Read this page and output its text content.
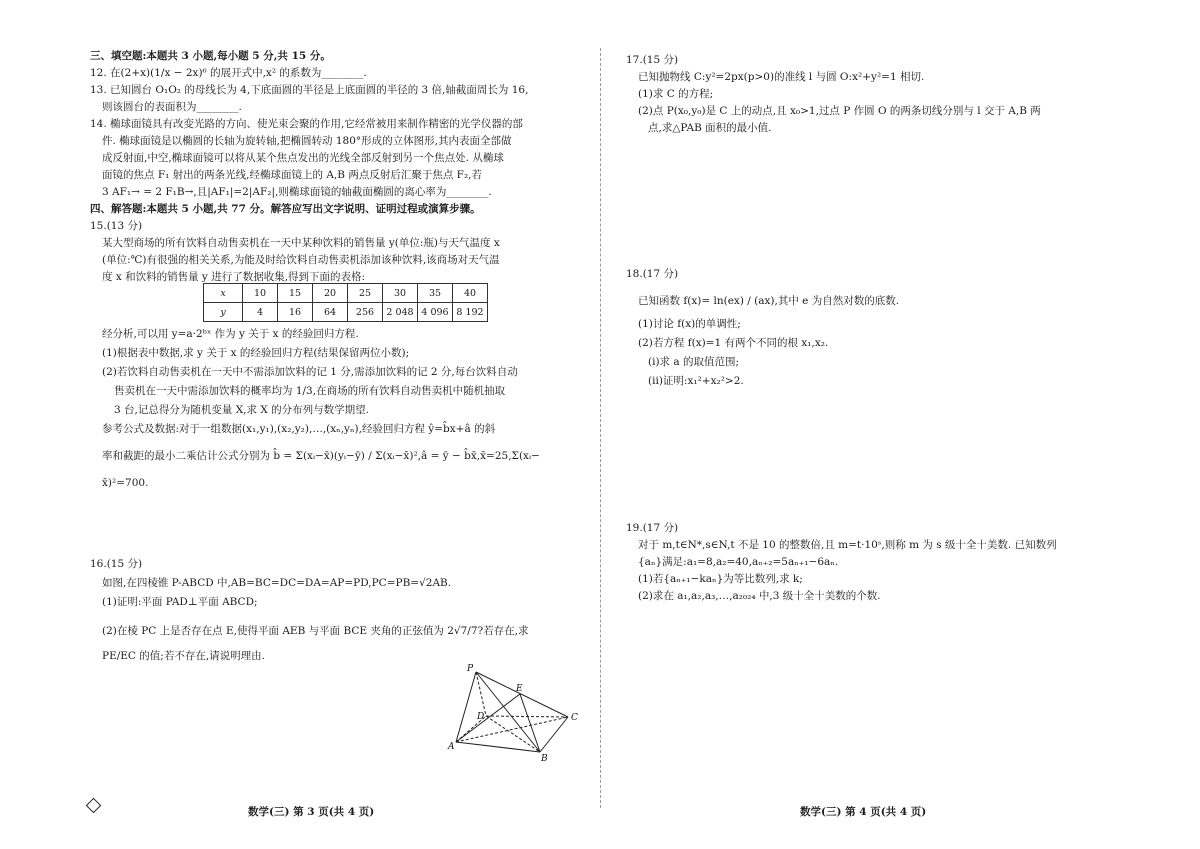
三、填空题:本题共 3 小题,每小题 5 分,共 15 分。
12. 在(2+x)(1/x − 2x)⁶ 的展开式中,x² 的系数为________.
13. 已知圆台 O₁O₂ 的母线长为 4,下底面圆的半径是上底面圆的半径的 3 倍,轴截面周长为 16,
则该圆台的表面积为________.
14. 椭球面镜具有改变光路的方向、使光束会聚的作用,它经常被用来制作精密的光学仪器的部
件. 椭球面镜是以椭圆的长轴为旋转轴,把椭圆转动 180°形成的立体图形,其内表面全部做
成反射面,中空,椭球面镜可以将从某个焦点发出的光线全部反射到另一个焦点处. 从椭球
面镜的焦点 F₁ 射出的两条光线,经椭球面镜上的 A,B 两点反射后汇聚于焦点 F₂,若
3 AF₁→ = 2 F₁B→,且|AF₁|=2|AF₂|,则椭球面镜的轴截面椭圆的离心率为________.
四、解答题:本题共 5 小题,共 77 分。解答应写出文字说明、证明过程或演算步骤。
15.(13 分)
某大型商场的所有饮料自动售卖机在一天中某种饮料的销售量 y(单位:瓶)与天气温度 x
(单位:℃)有很强的相关关系,为能及时给饮料自动售卖机添加该种饮料,该商场对天气温
度 x 和饮料的销售量 y 进行了数据收集,得到下面的表格:
x	10	15	20	25	30	35	40
y	4	16	64	256	2 048	4 096	8 192
经分析,可以用 y=a·2ᵇˣ 作为 y 关于 x 的经验回归方程.
(1)根据表中数据,求 y 关于 x 的经验回归方程(结果保留两位小数);
(2)若饮料自动售卖机在一天中不需添加饮料的记 1 分,需添加饮料的记 2 分,每台饮料自动
售卖机在一天中需添加饮料的概率均为 1/3,在商场的所有饮料自动售卖机中随机抽取
3 台,记总得分为随机变量 X,求 X 的分布列与数学期望.
参考公式及数据:对于一组数据(x₁,y₁),(x₂,y₂),…,(xₙ,yₙ),经验回归方程 ŷ=b̂x+â 的斜
率和截距的最小二乘估计公式分别为 b̂ = Σ(xᵢ−x̄)(yᵢ−ȳ) / Σ(xᵢ−x̄)²,â = ȳ − b̂x̄,x̄=25,Σ(xᵢ−
x̄)²=700.
16.(15 分)
如图,在四棱锥 P-ABCD 中,AB=BC=DC=DA=AP=PD,PC=PB=√2AB.
(1)证明:平面 PAD⊥平面 ABCD;
(2)在棱 PC 上是否存在点 E,使得平面 AEB 与平面 BCE 夹角的正弦值为 2√7/7?若存在,求
PE/EC 的值;若不存在,请说明理由.
P
E
D	C
A
B
数学(三) 第 3 页(共 4 页)
17.(15 分)
已知抛物线 C:y²=2px(p>0)的准线 l 与圆 O:x²+y²=1 相切.
(1)求 C 的方程;
(2)点 P(x₀,y₀)是 C 上的动点,且 x₀>1,过点 P 作圆 O 的两条切线分别与 l 交于 A,B 两
点,求△PAB 面积的最小值.
18.(17 分)
已知函数 f(x)= ln(ex) / (ax),其中 e 为自然对数的底数.
(1)讨论 f(x)的单调性;
(2)若方程 f(x)=1 有两个不同的根 x₁,x₂.
(i)求 a 的取值范围;
(ii)证明:x₁²+x₂²>2.
19.(17 分)
对于 m,t∈N*,s∈N,t 不是 10 的整数倍,且 m=t·10ˢ,则称 m 为 s 级十全十美数. 已知数列
{aₙ}满足:a₁=8,a₂=40,aₙ₊₂=5aₙ₊₁−6aₙ.
(1)若{aₙ₊₁−kaₙ}为等比数列,求 k;
(2)求在 a₁,a₂,a₃,…,a₂₀₂₄ 中,3 级十全十美数的个数.
数学(三) 第 4 页(共 4 页)
